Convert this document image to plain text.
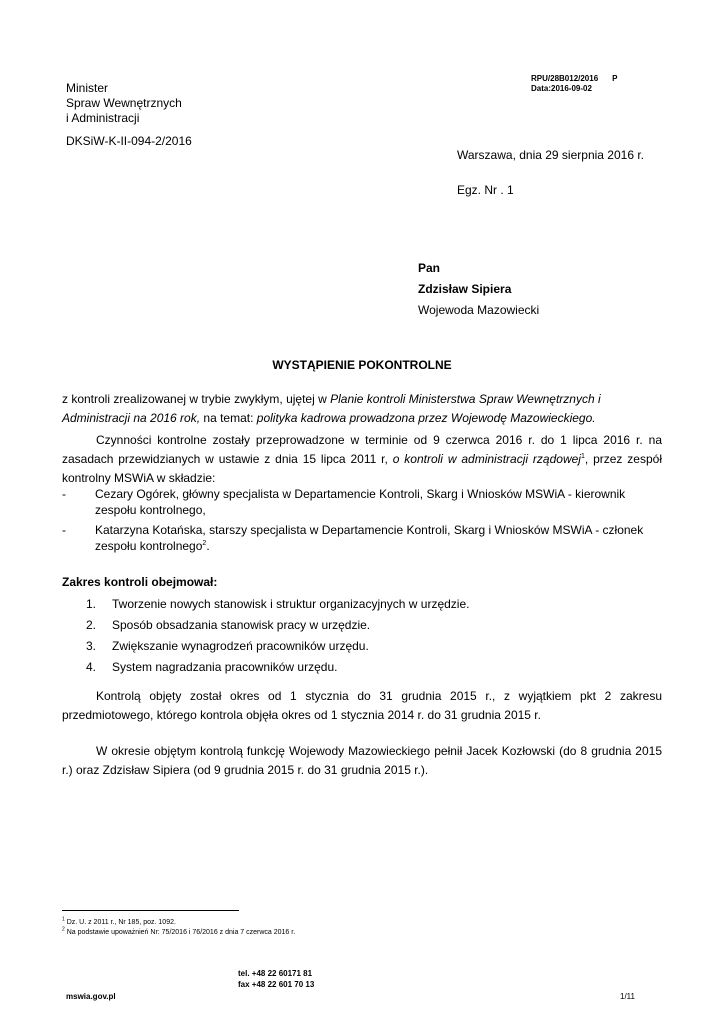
RPU/28B012/2016 P
Data:2016-09-02
Minister
Spraw Wewnętrznych
i Administracji
DKSiW-K-II-094-2/2016
Warszawa, dnia 29 sierpnia 2016 r.
Egz. Nr . 1
Pan
Zdzisław Sipiera
Wojewoda Mazowiecki
WYSTĄPIENIE POKONTROLNE
z kontroli zrealizowanej w trybie zwykłym, ujętej w Planie kontroli Ministerstwa Spraw Wewnętrznych i Administracji na 2016 rok, na temat: polityka kadrowa prowadzona przez Wojewodę Mazowieckiego.
Czynności kontrolne zostały przeprowadzone w terminie od 9 czerwca 2016 r. do 1 lipca 2016 r. na zasadach przewidzianych w ustawie z dnia 15 lipca 2011 r, o kontroli w administracji rządowej$^1$, przez zespół kontrolny MSWiA w składzie:
-	Cezary Ogórek, główny specjalista w Departamencie Kontroli, Skarg i Wniosków MSWiA - kierownik zespołu kontrolnego,
-	Katarzyna Kotańska, starszy specjalista w Departamencie Kontroli, Skarg i Wniosków MSWiA - członek zespołu kontrolnego$^2$.
Zakres kontroli obejmował:
1.	Tworzenie nowych stanowisk i struktur organizacyjnych w urzędzie.
2.	Sposób obsadzania stanowisk pracy w urzędzie.
3.	Zwiększanie wynagrodzeń pracowników urzędu.
4.	System nagradzania pracowników urzędu.
Kontrolą objęty został okres od 1 stycznia do 31 grudnia 2015 r., z wyjątkiem pkt 2 zakresu przedmiotowego, którego kontrola objęła okres od 1 stycznia 2014 r. do 31 grudnia 2015 r.
W okresie objętym kontrolą funkcję Wojewody Mazowieckiego pełnił Jacek Kozłowski (do 8 grudnia 2015 r.) oraz Zdzisław Sipiera (od 9 grudnia 2015 r. do 31 grudnia 2015 r.).
$^1$ Dz. U. z 2011 r., Nr 185, poz. 1092.
$^2$ Na podstawie upoważnień Nr: 75/2016 i 76/2016 z dnia 7 czerwca 2016 r.
tel. +48 22 60171 81
fax +48 22 601 70 13
mswia.gov.pl	1/11
